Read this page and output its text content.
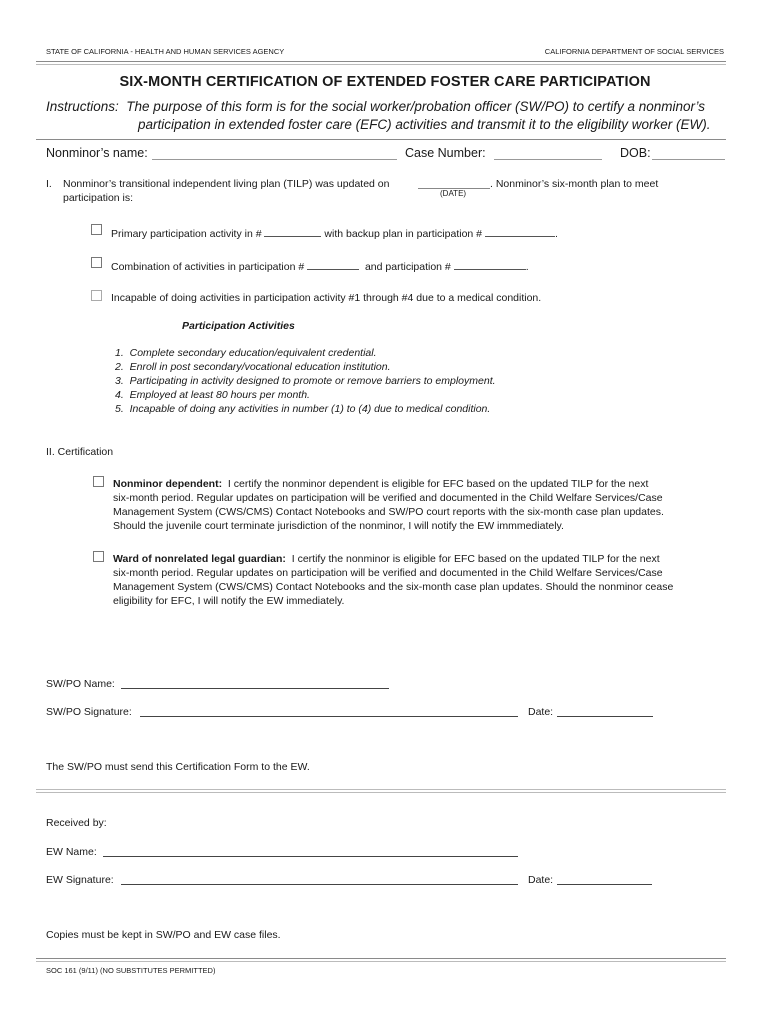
STATE OF CALIFORNIA - HEALTH AND HUMAN SERVICES AGENCY	CALIFORNIA DEPARTMENT OF SOCIAL SERVICES
SIX-MONTH CERTIFICATION OF EXTENDED FOSTER CARE PARTICIPATION
Instructions: The purpose of this form is for the social worker/probation officer (SW/PO) to certify a nonminor’s
participation in extended foster care (EFC) activities and transmit it to the eligibility worker (EW).
Nonminor’s name:	Case Number:	DOB:
I. Nonminor’s transitional independent living plan (TILP) was updated on
(DATE)
. Nonminor’s six-month plan to meet
participation is:
Primary participation activity in #	with backup plan in participation #	.
Combination of activities in participation #	and participation #	.
Incapable of doing activities in participation activity #1 through #4 due to a medical condition.
Participation Activities
1. Complete secondary education/equivalent credential.
2. Enroll in post secondary/vocational education institution.
3. Participating in activity designed to promote or remove barriers to employment.
4. Employed at least 80 hours per month.
5. Incapable of doing any activities in number (1) to (4) due to medical condition.
II. Certification
Nonminor dependent: I certify the nonminor dependent is eligible for EFC based on the updated TILP for the next
six-month period. Regular updates on participation will be verified and documented in the Child Welfare Services/Case
Management System (CWS/CMS) Contact Notebooks and SW/PO court reports with the six-month case plan updates.
Should the juvenile court terminate jurisdiction of the nonminor, I will notify the EW immmediately.
Ward of nonrelated legal guardian: I certify the nonminor is eligible for EFC based on the updated TILP for the next
six-month period. Regular updates on participation will be verified and documented in the Child Welfare Services/Case
Management System (CWS/CMS) Contact Notebooks and the six-month case plan updates. Should the nonminor cease
eligibility for EFC, I will notify the EW immediately.
SW/PO Name:
SW/PO Signature:	Date:
The SW/PO must send this Certification Form to the EW.
Received by:
EW Name:
EW Signature:	Date:
Copies must be kept in SW/PO and EW case files.
SOC 161 (9/11) (NO SUBSTITUTES PERMITTED)
